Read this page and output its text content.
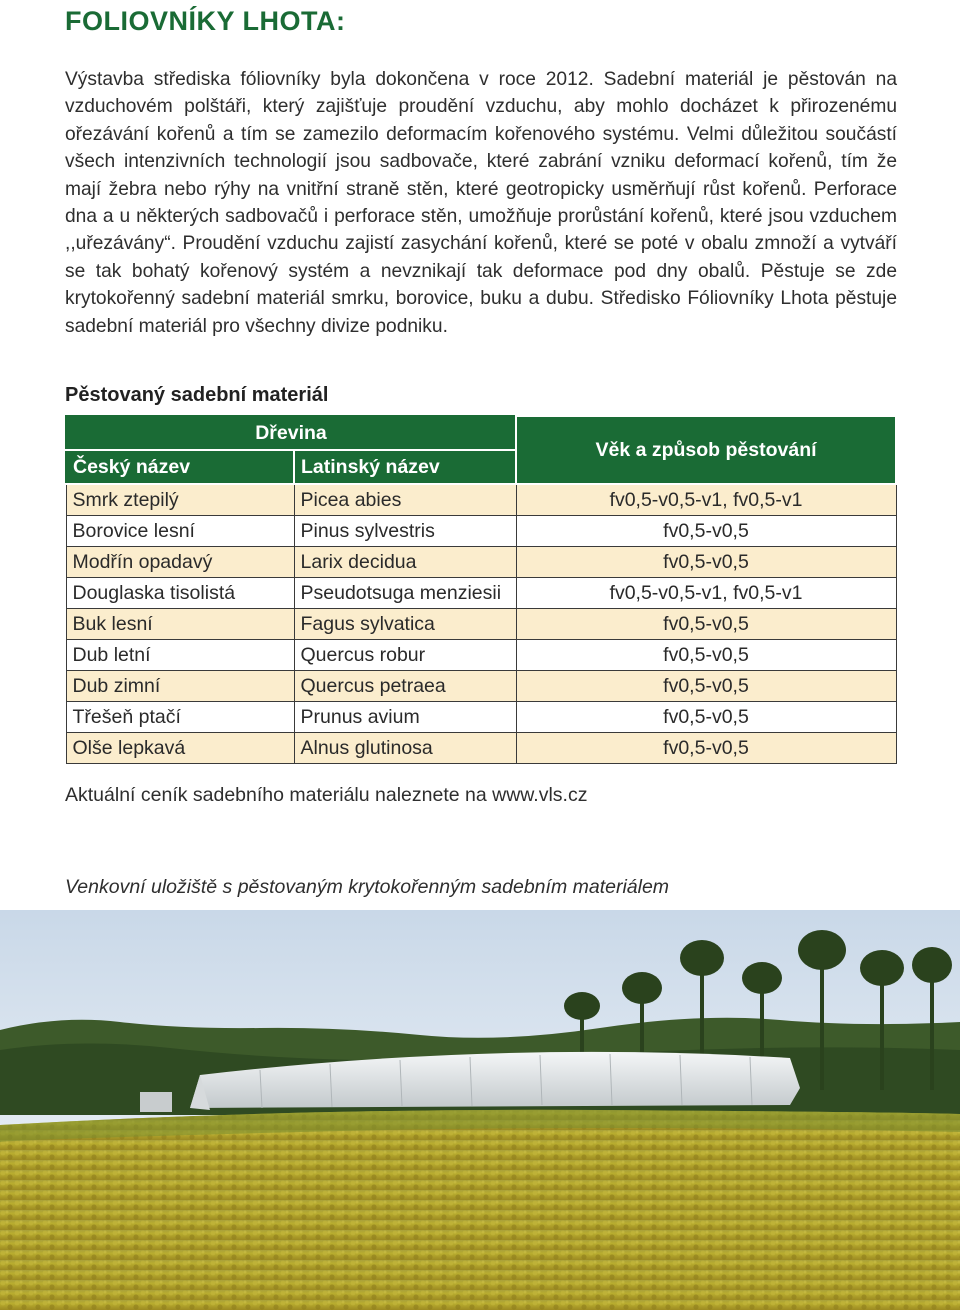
FOLIOVNÍKY LHOTA:
Výstavba střediska fóliovníky byla dokončena v roce 2012. Sadební materiál je pěstován na vzduchovém polštáři, který zajišťuje proudění vzduchu, aby mohlo docházet k přirozenému ořezávání kořenů a tím se zamezilo deformacím kořenového systému. Velmi důležitou součástí všech intenzivních technologií jsou sadbovače, které zabrání vzniku deformací kořenů, tím že mají žebra nebo rýhy na vnitřní straně stěn, které geotropicky usměrňují růst kořenů. Perforace dna a u některých sadbovačů i perforace stěn, umožňuje prorůstání kořenů, které jsou vzduchem ,,uřezávány“. Proudění vzduchu zajistí zasychání kořenů, které se poté v obalu zmnoží a vytváří se tak bohatý kořenový systém a nevznikají tak deformace pod dny obalů. Pěstuje se zde krytokořenný sadební materiál smrku, borovice, buku a dubu. Středisko Fóliovníky Lhota pěstuje sadební materiál pro všechny divize podniku.
Pěstovaný sadební materiál
Dřevina		Věk a způsob pěstování
Český název	Latinský název	
Smrk ztepilý	Picea abies	fv0,5-v0,5-v1, fv0,5-v1
Borovice lesní	Pinus sylvestris	fv0,5-v0,5
Modřín opadavý	Larix decidua	fv0,5-v0,5
Douglaska tisolistá	Pseudotsuga menziesii	fv0,5-v0,5-v1, fv0,5-v1
Buk lesní	Fagus sylvatica	fv0,5-v0,5
Dub letní	Quercus robur	fv0,5-v0,5
Dub zimní	Quercus petraea	fv0,5-v0,5
Třešeň ptačí	Prunus avium	fv0,5-v0,5
Olše lepkavá	Alnus glutinosa	fv0,5-v0,5
Aktuální ceník sadebního materiálu naleznete na www.vls.cz
Venkovní uložiště s pěstovaným krytokořenným sadebním materiálem
